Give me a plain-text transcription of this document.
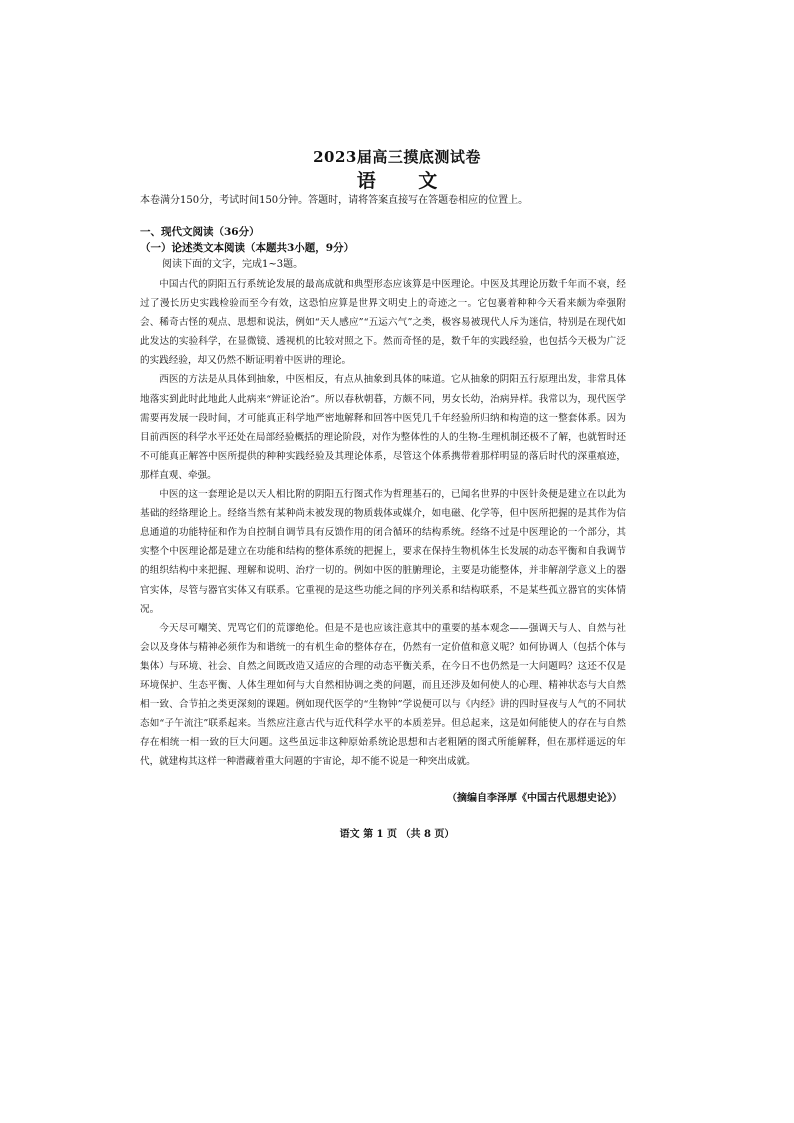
2023届高三摸底测试卷
语 文
本卷满分150分，考试时间150分钟。答题时，请将答案直接写在答题卷相应的位置上。
一、现代文阅读（36分）
（一）论述类文本阅读（本题共3小题，9分）
阅读下面的文字，完成1~3题。

中国古代的阴阳五行系统论发展的最高成就和典型形态应该算是中医理论。中医及其理论历数千年而不衰，经过了漫长历史实践检验而至今有效，这恐怕应算是世界文明史上的奇迹之一。它包裹着种种今天看来颇为牵强附会、稀奇古怪的观点、思想和说法，例如“天人感应”“五运六气”之类，极容易被现代人斥为迷信，特别是在现代如此发达的实验科学，在显微镜、透视机的比较对照之下。然而奇怪的是，数千年的实践经验，也包括今天极为广泛的实践经验，却又仍然不断证明着中医讲的理论。

西医的方法是从具体到抽象，中医相反，有点从抽象到具体的味道。它从抽象的阴阳五行原理出发，非常具体地落实到此时此地此人此病来“辨证论治”。所以春秋朝暮，方颇不同，男女长幼，治病异样。我常以为，现代医学需要再发展一段时间，才可能真正科学地严密地解释和回答中医凭几千年经验所归纳和构造的这一整套体系。因为目前西医的科学水平还处在局部经验概括的理论阶段，对作为整体性的人的生物-生理机制还极不了解，也就暂时还不可能真正解答中医所提供的种种实践经验及其理论体系，尽管这个体系携带着那样明显的落后时代的深重痕迹，那样直观、牵强。

中医的这一套理论是以天人相比附的阴阳五行图式作为哲理基石的，已闻名世界的中医针灸便是建立在以此为基础的经络理论上。经络当然有某种尚未被发现的物质载体或媒介，如电磁、化学等，但中医所把握的是其作为信息通道的功能特征和作为自控制自调节具有反馈作用的闭合循环的结构系统。经络不过是中医理论的一个部分，其实整个中医理论都是建立在功能和结构的整体系统的把握上，要求在保持生物机体生长发展的动态平衡和自我调节的组织结构中来把握、理解和说明、治疗一切的。例如中医的脏腑理论，主要是功能整体，并非解剖学意义上的器官实体，尽管与器官实体又有联系。它重视的是这些功能之间的序列关系和结构联系，不是某些孤立器官的实体情况。

今天尽可嘲笑、咒骂它们的荒谬绝伦。但是不是也应该注意其中的重要的基本观念——强调天与人、自然与社会以及身体与精神必须作为和谐统一的有机生命的整体存在，仍然有一定价值和意义呢？如何协调人（包括个体与集体）与环境、社会、自然之间既改造又适应的合理的动态平衡关系，在今日不也仍然是一大问题吗？这还不仅是环境保护、生态平衡、人体生理如何与大自然相协调之类的问题，而且还涉及如何使人的心理、精神状态与大自然相一致、合节拍之类更深刻的课题。例如现代医学的“生物钟”学说便可以与《内经》讲的四时昼夜与人气的不同状态如“子午流注”联系起来。当然应注意古代与近代科学水平的本质差异。但总起来，这是如何能使人的存在与自然存在相统一相一致的巨大问题。这些虽远非这种原始系统论思想和古老粗陋的图式所能解释，但在那样遥远的年代，就建构其这样一种潜藏着重大问题的宇宙论，却不能不说是一种突出成就。

（摘编自李泽厚《中国古代思想史论》）
语文 第 1 页 （共 8 页）
